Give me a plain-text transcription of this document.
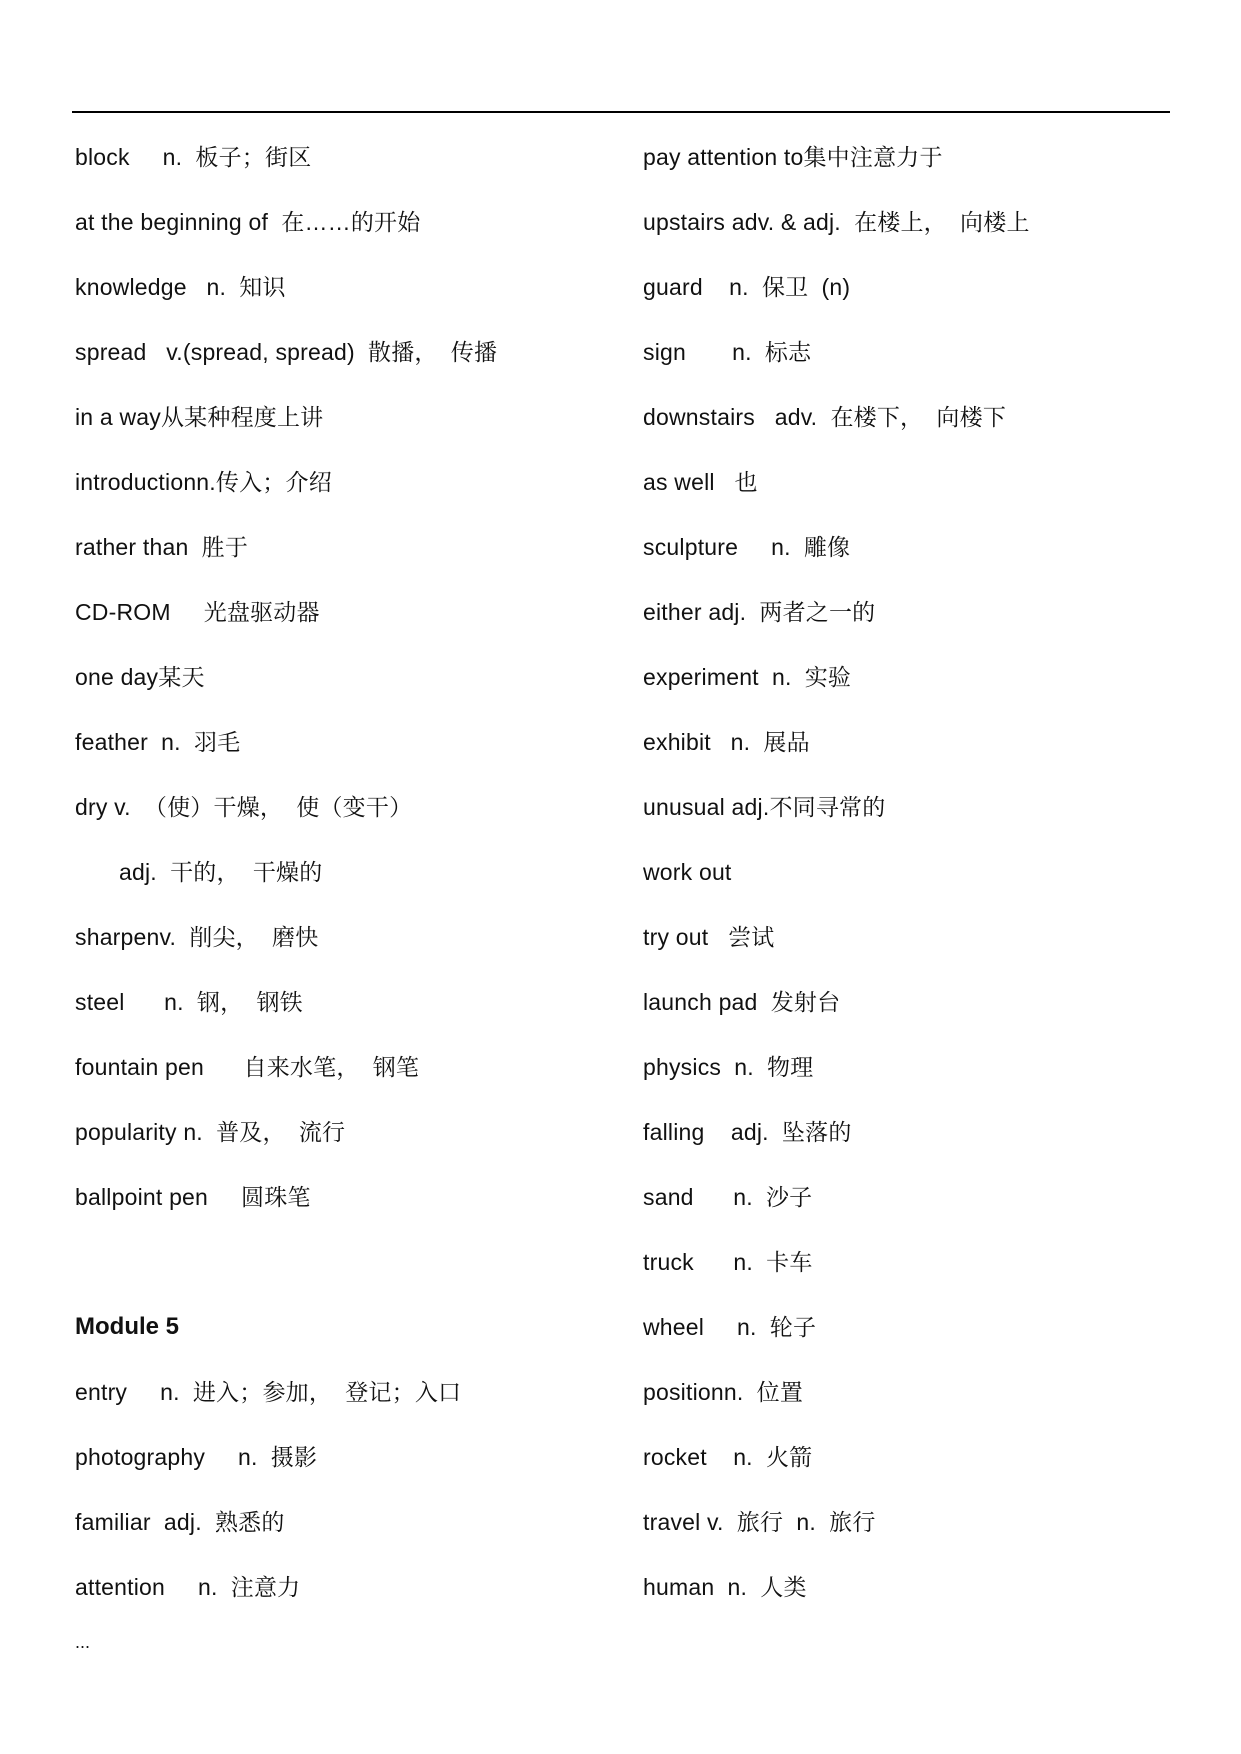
block     n.  板子；街区
at the beginning of  在……的开始
knowledge   n.  知识
spread   v.(spread, spread)  散播，  传播
in a way从某种程度上讲
introductionn.传入；介绍
rather than  胜于
CD-ROM     光盘驱动器
one day某天
feather  n.  羽毛
dry v.  （使）干燥，  使（变干）
adj.  干的，  干燥的
sharpenv.  削尖，  磨快
steel      n.  钢，  钢铁
fountain pen      自来水笔，  钢笔
popularity n.  普及，  流行
ballpoint pen     圆珠笔
Module 5
entry     n.  进入；参加，  登记；入口
photography     n.  摄影
familiar  adj.  熟悉的
attention     n.  注意力
pay attention to集中注意力于
upstairs adv. & adj.  在楼上，  向楼上
guard    n.  保卫  (n)
sign       n.  标志
downstairs   adv.  在楼下，  向楼下
as well   也
sculpture     n.  雕像
either adj.  两者之一的
experiment  n.  实验
exhibit   n.  展品
unusual adj.不同寻常的
work out
try out   尝试
launch pad  发射台
physics  n.  物理
falling    adj.  坠落的
sand      n.  沙子
truck      n.  卡车
wheel     n.  轮子
positionn.  位置
rocket    n.  火箭
travel v.  旅行  n.  旅行
human  n.  人类
...
